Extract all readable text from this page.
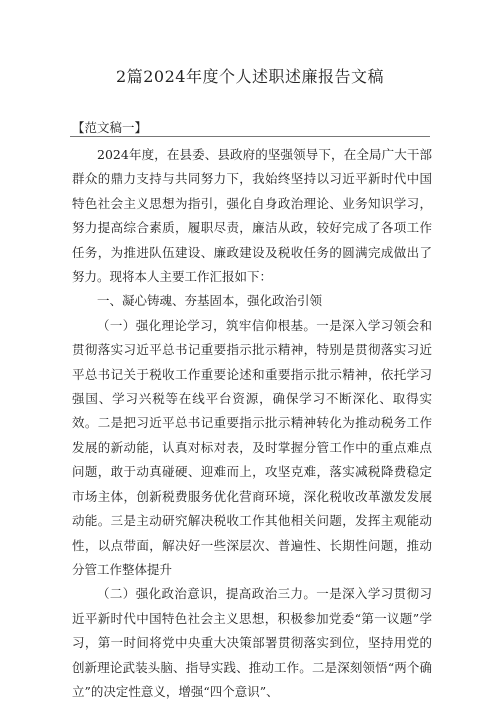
2篇2024年度个人述职述廉报告文稿
【范文稿一】

2024年度，在县委、县政府的坚强领导下，在全局广大干部群众的鼎力支持与共同努力下，我始终坚持以习近平新时代中国特色社会主义思想为指引，强化自身政治理论、业务知识学习，努力提高综合素质，履职尽责，廉洁从政，较好完成了各项工作任务，为推进队伍建设、廉政建设及税收任务的圆满完成做出了努力。现将本人主要工作汇报如下：

一、凝心铸魂、夯基固本，强化政治引领

（一）强化理论学习，筑牢信仰根基。一是深入学习领会和贯彻落实习近平总书记重要指示批示精神，特别是贯彻落实习近平总书记关于税收工作重要论述和重要指示批示精神，依托学习强国、学习兴税等在线平台资源，确保学习不断深化、取得实效。二是把习近平总书记重要指示批示精神转化为推动税务工作发展的新动能，认真对标对表，及时掌握分管工作中的重点难点问题，敢于动真碰硬、迎难而上，攻坚克难，落实减税降费稳定市场主体，创新税费服务优化营商环境，深化税收改革激发发展动能。三是主动研究解决税收工作其他相关问题，发挥主观能动性，以点带面，解决好一些深层次、普遍性、长期性问题，推动分管工作整体提升

（二）强化政治意识，提高政治三力。一是深入学习贯彻习近平新时代中国特色社会主义思想，积极参加党委“第一议题”学习，第一时间将党中央重大决策部署贯彻落实到位，坚持用党的创新理论武装头脑、指导实践、推动工作。二是深刻领悟“两个确立”的决定性意义，增强“四个意识”、
